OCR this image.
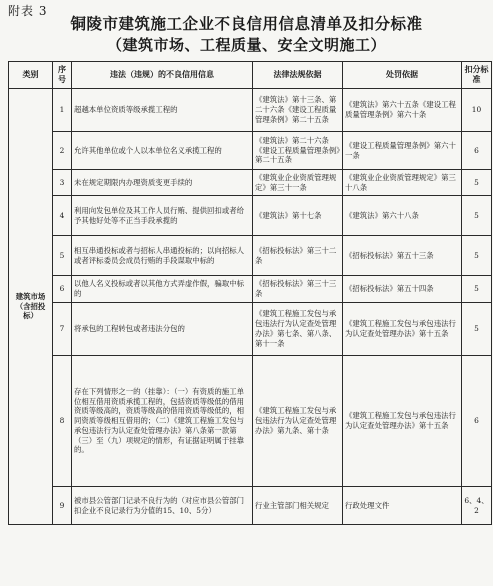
附表 3
铜陵市建筑施工企业不良信用信息清单及扣分标准
（建筑市场、工程质量、安全文明施工）
类别	序号	违法（违规）的不良信用信息	法律法规依据	处罚依据	扣分标准
建筑市场（含招投标）	1	超越本单位资质等级承揽工程的	《建筑法》第十三条、第二十六条《建设工程质量管理条例》第二十五条	《建筑法》第六十五条《建设工程质量管理条例》第六十条	10
	2	允许其他单位或个人以本单位名义承揽工程的	《建筑法》第二十六条《建设工程质量管理条例》第二十五条	《建设工程质量管理条例》第六十一条	6
	3	未在规定期限内办理资质变更手续的	《建筑业企业资质管理规定》第三十一条	《建筑业企业资质管理规定》第三十八条	5
	4	利用向发包单位及其工作人员行贿、提供回扣或者给予其他好处等不正当手段承揽的	《建筑法》第十七条	《建筑法》第六十八条	5
	5	相互串通投标或者与招标人串通投标的；以向招标人或者评标委员会成员行贿的手段谋取中标的	《招标投标法》第三十二条	《招标投标法》第五十三条	5
	6	以他人名义投标或者以其他方式弄虚作假，骗取中标的	《招标投标法》第三十三条	《招标投标法》第五十四条	5
	7	将承包的工程转包或者违法分包的	《建筑工程施工发包与承包违法行为认定查处管理办法》第七条、第八条、第十一条	《建筑工程施工发包与承包违法行为认定查处管理办法》第十五条	5
	8	存在下列情形之一的（挂靠）：（一）有资质的施工单位相互借用资质承揽工程的，包括资质等级低的借用资质等级高的，资质等级高的借用资质等级低的，相同资质等级相互借用的；（二）《建筑工程施工发包与承包违法行为认定查处管理办法》第八条第一款第（三）至（九）项规定的情形，有证据证明属于挂靠的。	《建筑工程施工发包与承包违法行为认定查处管理办法》第九条、第十条	《建筑工程施工发包与承包违法行为认定查处管理办法》第十五条	6
	9	被市县公管部门记录不良行为的（对应市县公管部门扣企业不良记录行为分值的15、10、5分）	行业主管部门相关规定	行政处理文件	6、4、2
